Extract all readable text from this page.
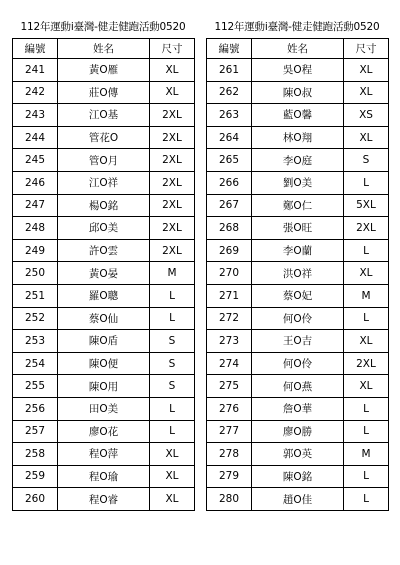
112年運動i臺灣-健走健跑活動0520
編號	姓名	尺寸
241	黃O雁	XL
242	莊O傳	XL
243	江O基	2XL
244	管花O	2XL
245	管O月	2XL
246	江O祥	2XL
247	楊O銘	2XL
248	邱O美	2XL
249	許O雲	2XL
250	黃O晏	M
251	羅O聰	L
252	蔡O仙	L
253	陳O盾	S
254	陳O便	S
255	陳O用	S
256	田O美	L
257	廖O花	L
258	程O萍	XL
259	程O瑜	XL
260	程O睿	XL
112年運動i臺灣-健走健跑活動0520
編號	姓名	尺寸
261	吳O程	XL
262	陳O叔	XL
263	藍O馨	XS
264	林O翔	XL
265	李O庭	S
266	劉O美	L
267	鄭O仁	5XL
268	張O旺	2XL
269	李O蘭	L
270	洪O祥	XL
271	蔡O妃	M
272	何O伶	L
273	王O吉	XL
274	何O伶	2XL
275	何O燕	XL
276	詹O華	L
277	廖O勝	L
278	郭O英	M
279	陳O銘	L
280	趙O佳	L
